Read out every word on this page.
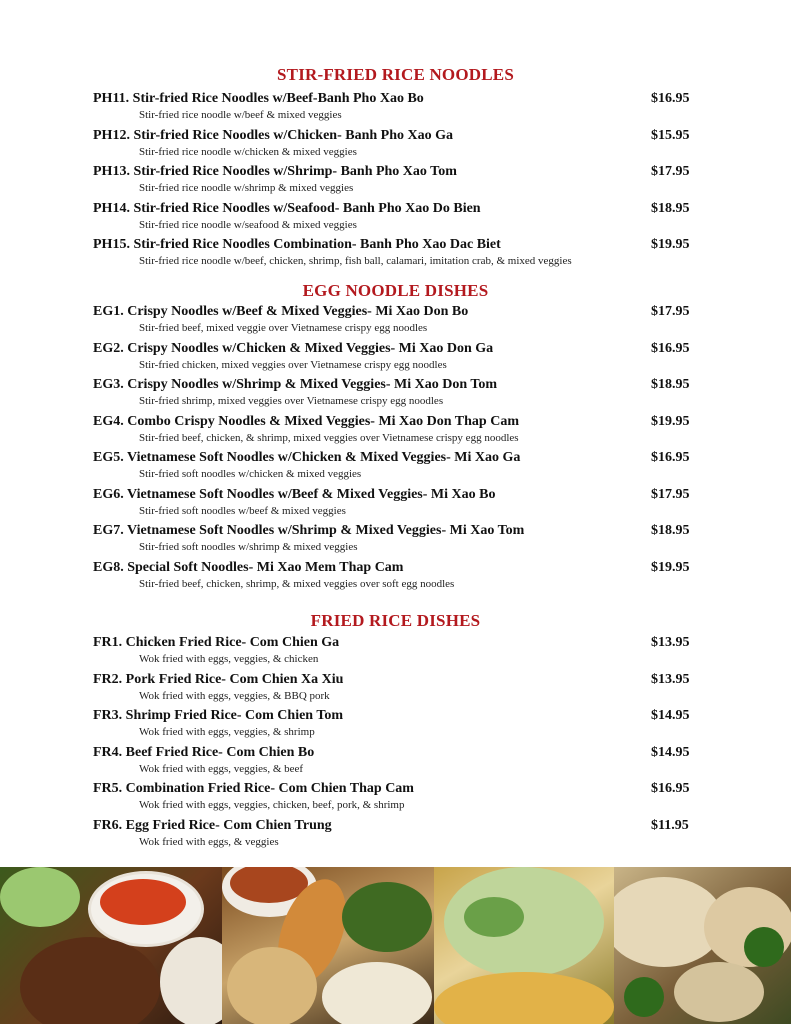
STIR-FRIED RICE NOODLES
PH11. Stir-fried Rice Noodles w/Beef-Banh Pho Xao Bo	$16.95
Stir-fried rice noodle w/beef & mixed veggies
PH12. Stir-fried Rice Noodles w/Chicken- Banh Pho Xao Ga	$15.95
Stir-fried rice noodle w/chicken & mixed veggies
PH13. Stir-fried Rice Noodles w/Shrimp- Banh Pho Xao Tom	$17.95
Stir-fried rice noodle w/shrimp & mixed veggies
PH14. Stir-fried Rice Noodles w/Seafood- Banh Pho Xao Do Bien	$18.95
Stir-fried rice noodle w/seafood & mixed veggies
PH15. Stir-fried Rice Noodles Combination- Banh Pho Xao Dac Biet	$19.95
Stir-fried rice noodle w/beef, chicken, shrimp, fish ball, calamari, imitation crab, & mixed veggies
EGG NOODLE DISHES
EG1. Crispy Noodles w/Beef & Mixed Veggies- Mi Xao Don Bo	$17.95
Stir-fried beef, mixed veggie over Vietnamese crispy egg noodles
EG2. Crispy Noodles w/Chicken & Mixed Veggies- Mi Xao Don Ga	$16.95
Stir-fried chicken, mixed veggies over Vietnamese crispy egg noodles
EG3. Crispy Noodles w/Shrimp & Mixed Veggies- Mi Xao Don Tom	$18.95
Stir-fried shrimp, mixed veggies over Vietnamese crispy egg noodles
EG4. Combo Crispy Noodles & Mixed Veggies- Mi Xao Don Thap Cam	$19.95
Stir-fried beef, chicken, & shrimp, mixed veggies over Vietnamese crispy egg noodles
EG5. Vietnamese Soft Noodles w/Chicken & Mixed Veggies- Mi Xao Ga	$16.95
Stir-fried soft noodles w/chicken & mixed veggies
EG6. Vietnamese Soft Noodles w/Beef & Mixed Veggies- Mi Xao Bo	$17.95
Stir-fried soft noodles w/beef & mixed veggies
EG7. Vietnamese Soft Noodles w/Shrimp & Mixed Veggies- Mi Xao Tom	$18.95
Stir-fried soft noodles w/shrimp & mixed veggies
EG8. Special Soft Noodles- Mi Xao Mem Thap Cam	$19.95
Stir-fried beef, chicken, shrimp, & mixed veggies over soft egg noodles
FRIED RICE DISHES
FR1. Chicken Fried Rice- Com Chien Ga	$13.95
Wok fried with eggs, veggies, & chicken
FR2. Pork Fried Rice- Com Chien Xa Xiu	$13.95
Wok fried with eggs, veggies, & BBQ pork
FR3. Shrimp Fried Rice- Com Chien Tom	$14.95
Wok fried with eggs, veggies, & shrimp
FR4. Beef Fried Rice- Com Chien Bo	$14.95
Wok fried with eggs, veggies, & beef
FR5. Combination Fried Rice- Com Chien Thap Cam	$16.95
Wok fried with eggs, veggies, chicken, beef, pork, & shrimp
FR6. Egg Fried Rice- Com Chien Trung	$11.95
Wok fried with eggs, & veggies
